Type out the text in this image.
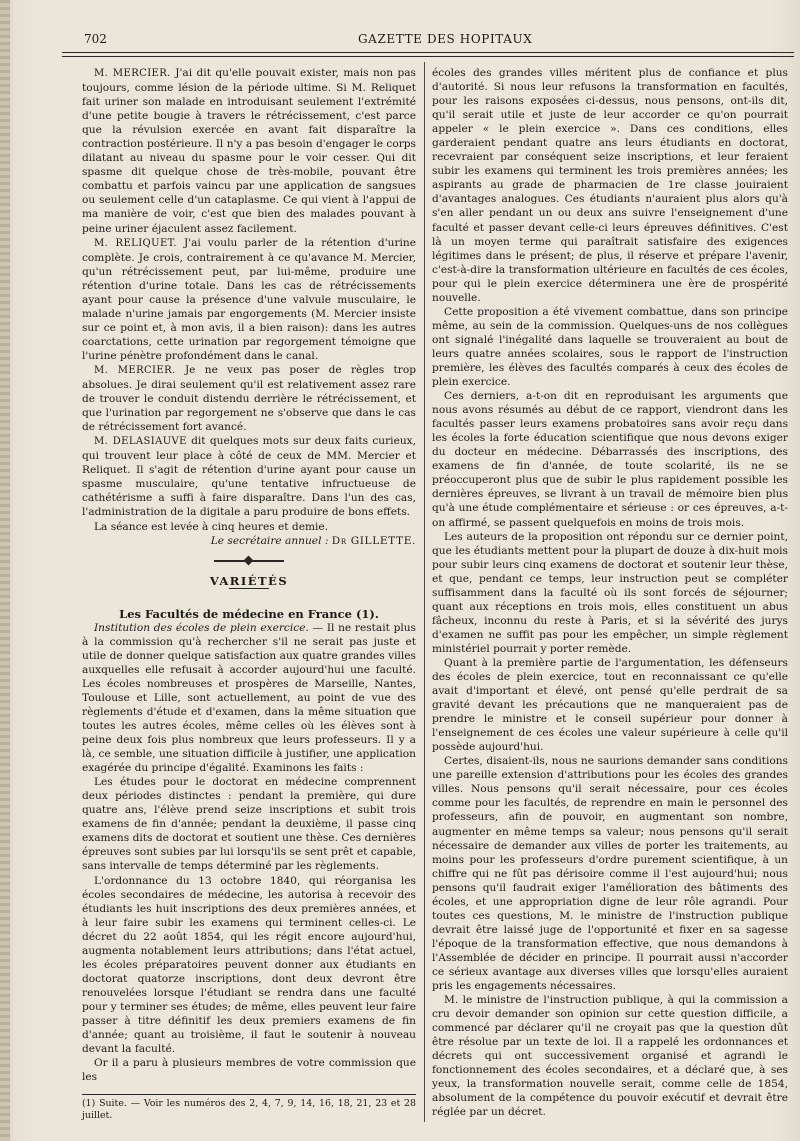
702	GAZETTE DES HOPITAUX

M. MERCIER. J'ai dit qu'elle pouvait exister, mais non pas toujours, comme lésion de la période ultime. Si M. Reliquet fait uriner son malade en introduisant seulement l'extrémité d'une petite bougie à travers le rétrécissement, c'est parce que la révulsion exercée en avant fait disparaître la contraction postérieure. Il n'y a pas besoin d'engager le corps dilatant au niveau du spasme pour le voir cesser. Qui dit spasme dit quelque chose de très-mobile, pouvant être combattu et parfois vaincu par une application de sangsues ou seulement celle d'un cataplasme. Ce qui vient à l'appui de ma manière de voir, c'est que bien des malades pouvant à peine uriner éjaculent assez facilement.

M. RELIQUET. J'ai voulu parler de la rétention d'urine complète. Je crois, contrairement à ce qu'avance M. Mercier, qu'un rétrécissement peut, par lui-même, produire une rétention d'urine totale. Dans les cas de rétrécissements ayant pour cause la présence d'une valvule musculaire, le malade n'urine jamais par engorgements (M. Mercier insiste sur ce point et, à mon avis, il a bien raison): dans les autres coarctations, cette urination par regorgement témoigne que l'urine pénètre profondément dans le canal.

M. MERCIER. Je ne veux pas poser de règles trop absolues. Je dirai seulement qu'il est relativement assez rare de trouver le conduit distendu derrière le rétrécissement, et que l'urination par regorgement ne s'observe que dans le cas de rétrécissement fort avancé.

M. DELASIAUVE dit quelques mots sur deux faits curieux, qui trouvent leur place à côté de ceux de MM. Mercier et Reliquet. Il s'agit de rétention d'urine ayant pour cause un spasme musculaire, qu'une tentative infructueuse de cathétérisme a suffi à faire disparaître. Dans l'un des cas, l'administration de la digitale a paru produire de bons effets.

La séance est levée à cinq heures et demie.

Le secrétaire annuel : Dr GILLETTE.

VARIÉTÉS

Les Facultés de médecine en France (1).

Institution des écoles de plein exercice. — Il ne restait plus à la commission qu'à rechercher s'il ne serait pas juste et utile de donner quelque satisfaction aux quatre grandes villes auxquelles elle refusait à accorder aujourd'hui une faculté. Les écoles nombreuses et prospères de Marseille, Nantes, Toulouse et Lille, sont actuellement, au point de vue des règlements d'étude et d'examen, dans la même situation que toutes les autres écoles, même celles où les élèves sont à peine deux fois plus nombreux que leurs professeurs. Il y a là, ce semble, une situation difficile à justifier, une application exagérée du principe d'égalité. Examinons les faits :

Les études pour le doctorat en médecine comprennent deux périodes distinctes : pendant la première, qui dure quatre ans, l'élève prend seize inscriptions et subit trois examens de fin d'année; pendant la deuxième, il passe cinq examens dits de doctorat et soutient une thèse. Ces dernières épreuves sont subies par lui lorsqu'ils se sent prêt et capable, sans intervalle de temps déterminé par les règlements.

L'ordonnance du 13 octobre 1840, qui réorganisa les écoles secondaires de médecine, les autorisa à recevoir des étudiants les huit inscriptions des deux premières années, et à leur faire subir les examens qui terminent celles-ci. Le décret du 22 août 1854, qui les régit encore aujourd'hui, augmenta notablement leurs attributions; dans l'état actuel, les écoles préparatoires peuvent donner aux étudiants en doctorat quatorze inscriptions, dont deux devront être renouvelées lorsque l'étudiant se rendra dans une faculté pour y terminer ses études; de même, elles peuvent leur faire passer à titre définitif les deux premiers examens de fin d'année; quant au troisième, il faut le soutenir à nouveau devant la faculté.

Or il a paru à plusieurs membres de votre commission que les

(1) Suite. — Voir les numéros des 2, 4, 7, 9, 14, 16, 18, 21, 23 et 28 juillet.

écoles des grandes villes méritent plus de confiance et plus d'autorité. Si nous leur refusons la transformation en facultés, pour les raisons exposées ci-dessus, nous pensons, ont-ils dit, qu'il serait utile et juste de leur accorder ce qu'on pourrait appeler « le plein exercice ». Dans ces conditions, elles garderaient pendant quatre ans leurs étudiants en doctorat, recevraient par conséquent seize inscriptions, et leur feraient subir les examens qui terminent les trois premières années; les aspirants au grade de pharmacien de 1re classe jouiraient d'avantages analogues. Ces étudiants n'auraient plus alors qu'à s'en aller pendant un ou deux ans suivre l'enseignement d'une faculté et passer devant celle-ci leurs épreuves définitives. C'est là un moyen terme qui paraîtrait satisfaire des exigences légitimes dans le présent; de plus, il réserve et prépare l'avenir, c'est-à-dire la transformation ultérieure en facultés de ces écoles, pour qui le plein exercice déterminera une ère de prospérité nouvelle.

Cette proposition a été vivement combattue, dans son principe même, au sein de la commission. Quelques-uns de nos collègues ont signalé l'inégalité dans laquelle se trouveraient au bout de leurs quatre années scolaires, sous le rapport de l'instruction première, les élèves des facultés comparés à ceux des écoles de plein exercice.

Ces derniers, a-t-on dit en reproduisant les arguments que nous avons résumés au début de ce rapport, viendront dans les facultés passer leurs examens probatoires sans avoir reçu dans les écoles la forte éducation scientifique que nous devons exiger du docteur en médecine. Débarrassés des inscriptions, des examens de fin d'année, de toute scolarité, ils ne se préoccuperont plus que de subir le plus rapidement possible les dernières épreuves, se livrant à un travail de mémoire bien plus qu'à une étude complémentaire et sérieuse : or ces épreuves, a-t-on affirmé, se passent quelquefois en moins de trois mois.

Les auteurs de la proposition ont répondu sur ce dernier point, que les étudiants mettent pour la plupart de douze à dix-huit mois pour subir leurs cinq examens de doctorat et soutenir leur thèse, et que, pendant ce temps, leur instruction peut se compléter suffisamment dans la faculté où ils sont forcés de séjourner; quant aux réceptions en trois mois, elles constituent un abus fâcheux, inconnu du reste à Paris, et si la sévérité des jurys d'examen ne suffit pas pour les empêcher, un simple règlement ministériel pourrait y porter remède.

Quant à la première partie de l'argumentation, les défenseurs des écoles de plein exercice, tout en reconnaissant ce qu'elle avait d'important et élevé, ont pensé qu'elle perdrait de sa gravité devant les précautions que ne manqueraient pas de prendre le ministre et le conseil supérieur pour donner à l'enseignement de ces écoles une valeur supérieure à celle qu'il possède aujourd'hui.

Certes, disaient-ils, nous ne saurions demander sans conditions une pareille extension d'attributions pour les écoles des grandes villes. Nous pensons qu'il serait nécessaire, pour ces écoles comme pour les facultés, de reprendre en main le personnel des professeurs, afin de pouvoir, en augmentant son nombre, augmenter en même temps sa valeur; nous pensons qu'il serait nécessaire de demander aux villes de porter les traitements, au moins pour les professeurs d'ordre purement scientifique, à un chiffre qui ne fût pas dérisoire comme il l'est aujourd'hui; nous pensons qu'il faudrait exiger l'amélioration des bâtiments des écoles, et une appropriation digne de leur rôle agrandi. Pour toutes ces questions, M. le ministre de l'instruction publique devrait être laissé juge de l'opportunité et fixer en sa sagesse l'époque de la transformation effective, que nous demandons à l'Assemblée de décider en principe. Il pourrait aussi n'accorder ce sérieux avantage aux diverses villes que lorsqu'elles auraient pris les engagements nécessaires.

M. le ministre de l'instruction publique, à qui la commission a cru devoir demander son opinion sur cette question difficile, a commencé par déclarer qu'il ne croyait pas que la question dût être résolue par un texte de loi. Il a rappelé les ordonnances et décrets qui ont successivement organisé et agrandi le fonctionnement des écoles secondaires, et a déclaré que, à ses yeux, la transformation nouvelle serait, comme celle de 1854, absolument de la compétence du pouvoir exécutif et devrait être réglée par un décret.
